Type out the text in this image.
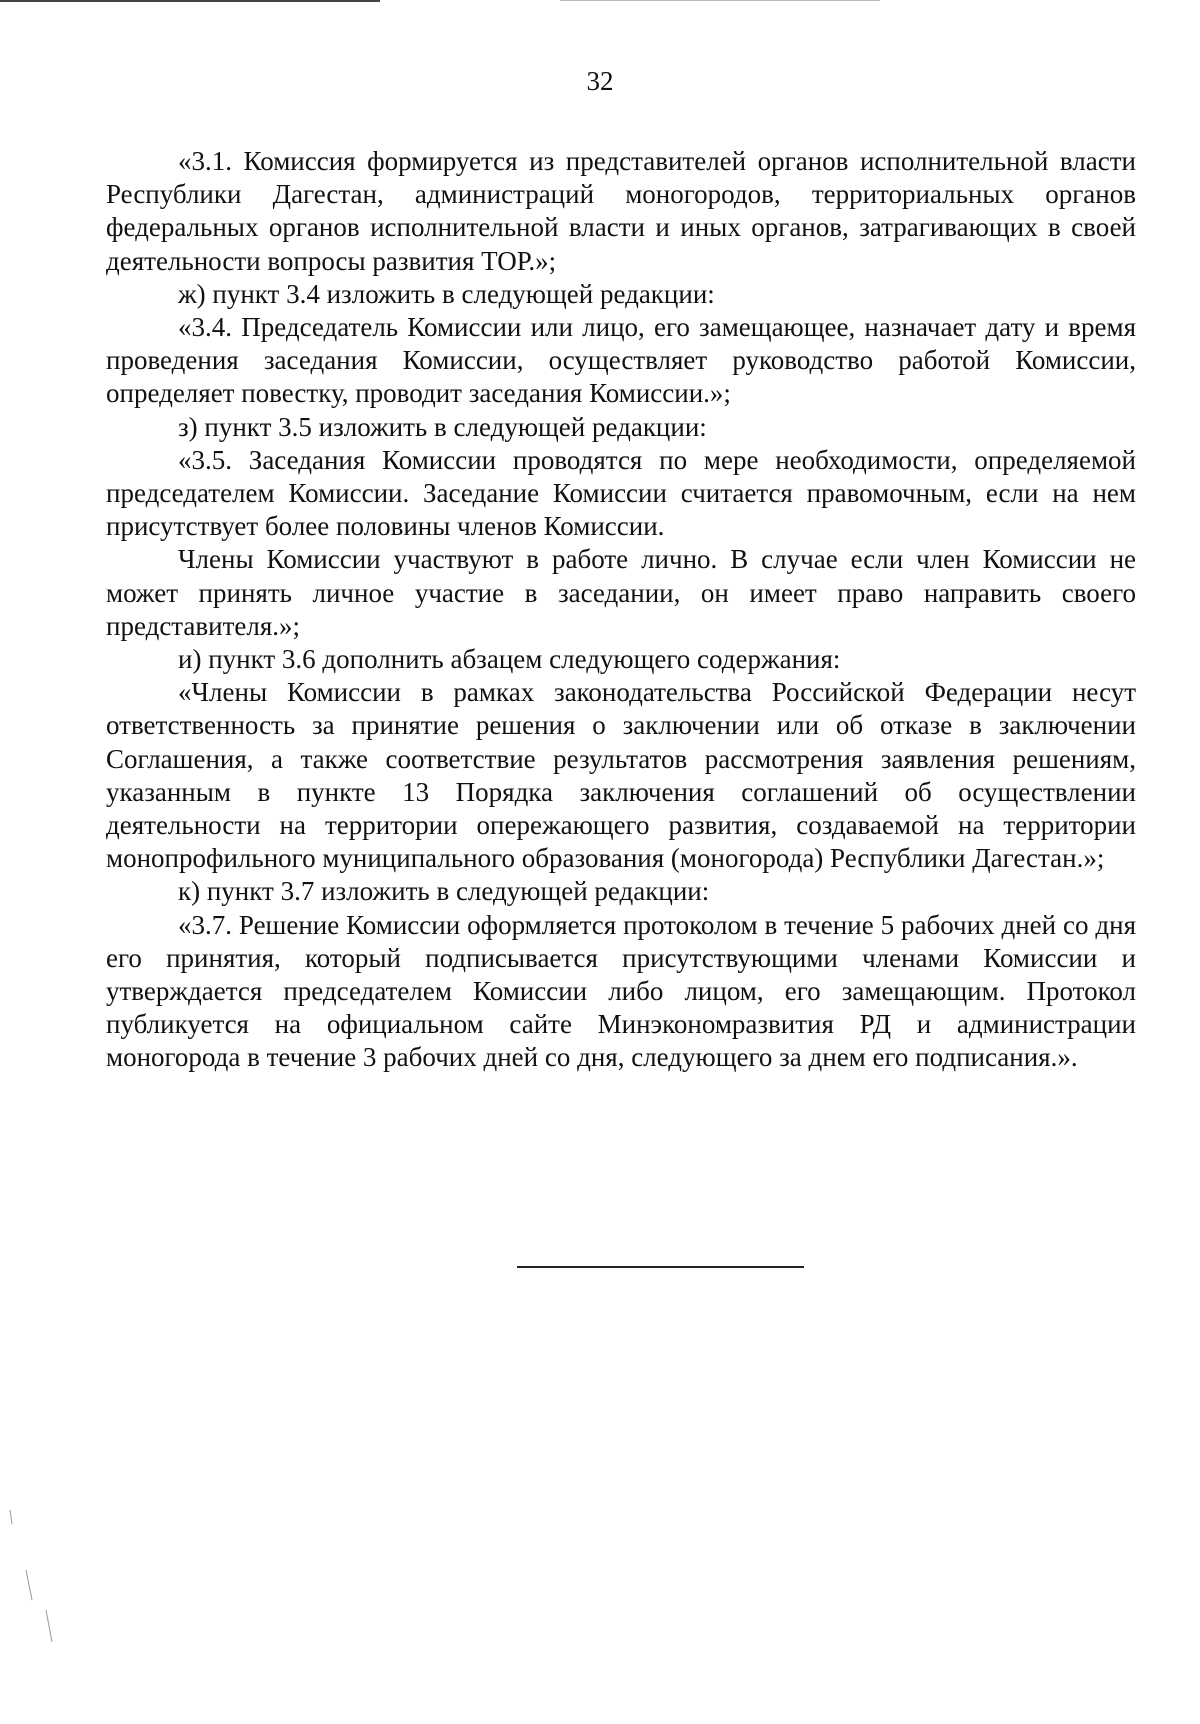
32

«3.1. Комиссия формируется из представителей органов исполнительной власти Республики Дагестан, администраций моногородов, территориальных органов федеральных органов исполнительной власти и иных органов, затрагивающих в своей деятельности вопросы развития ТОР.»;

ж) пункт 3.4 изложить в следующей редакции:

«3.4. Председатель Комиссии или лицо, его замещающее, назначает дату и время проведения заседания Комиссии, осуществляет руководство работой Комиссии, определяет повестку, проводит заседания Комиссии.»;

з) пункт 3.5 изложить в следующей редакции:

«3.5. Заседания Комиссии проводятся по мере необходимости, определяемой председателем Комиссии. Заседание Комиссии считается правомочным, если на нем присутствует более половины членов Комиссии.

Члены Комиссии участвуют в работе лично. В случае если член Комиссии не может принять личное участие в заседании, он имеет право направить своего представителя.»;

и) пункт 3.6 дополнить абзацем следующего содержания:

«Члены Комиссии в рамках законодательства Российской Федерации несут ответственность за принятие решения о заключении или об отказе в заключении Соглашения, а также соответствие результатов рассмотрения заявления решениям, указанным в пункте 13 Порядка заключения соглашений об осуществлении деятельности на территории опережающего развития, создаваемой на территории монопрофильного муниципального образования (моногорода) Республики Дагестан.»;

к) пункт 3.7 изложить в следующей редакции:

«3.7. Решение Комиссии оформляется протоколом в течение 5 рабочих дней со дня его принятия, который подписывается присутствующими членами Комиссии и утверждается председателем Комиссии либо лицом, его замещающим. Протокол публикуется на официальном сайте Минэкономразвития РД и администрации моногорода в течение 3 рабочих дней со дня, следующего за днем его подписания.».
